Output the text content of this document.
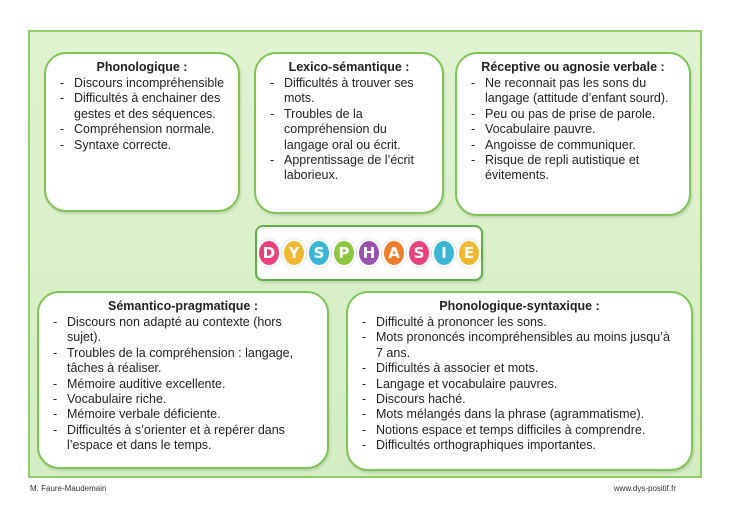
Phonologique :
- Discours incompréhensible
- Difficultés à enchainer des gestes et des séquences.
- Compréhension normale.
- Syntaxe correcte.
Lexico-sémantique :
- Difficultés à trouver ses mots.
- Troubles de la compréhension du langage oral ou écrit.
- Apprentissage de l’écrit laborieux.
Réceptive ou agnosie verbale :
- Ne reconnait pas les sons du langage (attitude d’enfant sourd).
- Peu ou pas de prise de parole.
- Vocabulaire pauvre.
- Angoisse de communiquer.
- Risque de repli autistique et évitements.
D Y S P H A S	I	E
Sémantico-pragmatique :
- Discours non adapté au contexte (hors sujet).
- Troubles de la compréhension : langage, tâches à réaliser.
- Mémoire auditive excellente.
- Vocabulaire riche.
- Mémoire verbale déficiente.
- Difficultés à s’orienter et à repérer dans l’espace et dans le temps.
Phonologique-syntaxique :
- Difficulté à prononcer les sons.
- Mots prononcés incompréhensibles au moins jusqu’à 7 ans.
- Difficultés à associer et mots.
- Langage et vocabulaire pauvres.
- Discours haché.
- Mots mélangés dans la phrase (agrammatisme).
- Notions espace et temps difficiles à comprendre.
- Difficultés orthographiques importantes.
M. Faure-Maudemain	www.dys-positif.fr
